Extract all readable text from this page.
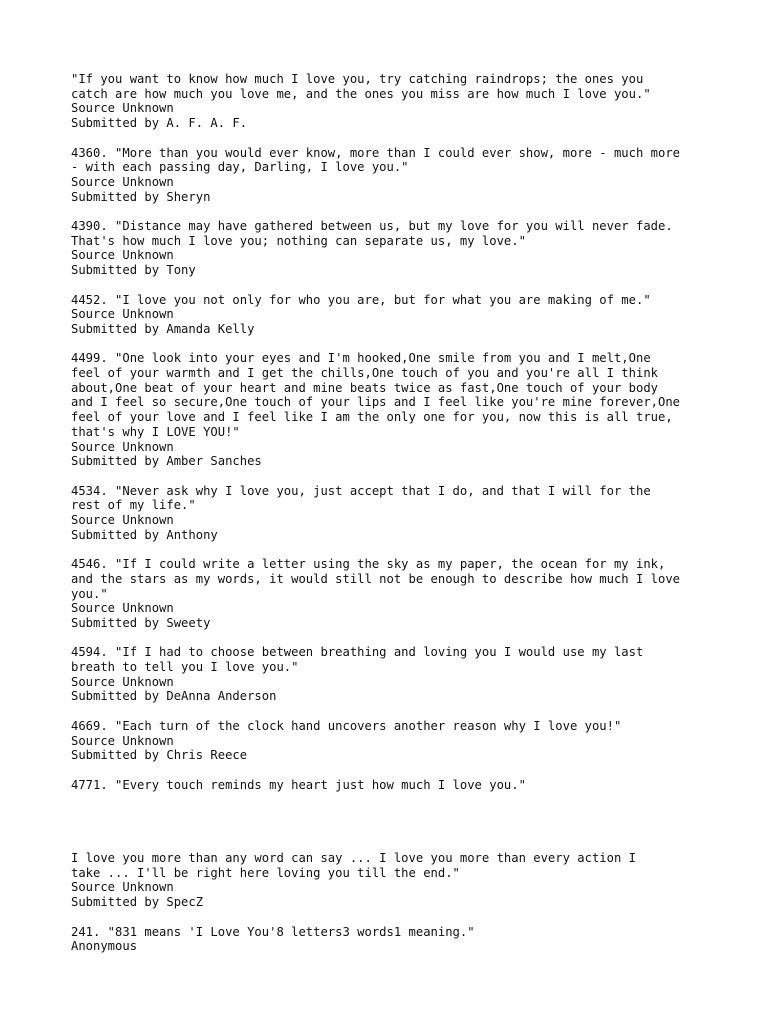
"If you want to know how much I love you, try catching raindrops; the ones you
catch are how much you love me, and the ones you miss are how much I love you."

Source Unknown

Submitted by A. F. A. F.

4360. "More than you would ever know, more than I could ever show, more - much more
- with each passing day, Darling, I love you."

Source Unknown

Submitted by Sheryn

4390. "Distance may have gathered between us, but my love for you will never fade.
That's how much I love you; nothing can separate us, my love."

Source Unknown

Submitted by Tony

4452. "I love you not only for who you are, but for what you are making of me."

Source Unknown

Submitted by Amanda Kelly

4499. "One look into your eyes and I'm hooked,One smile from you and I melt,One
feel of your warmth and I get the chills,One touch of you and you're all I think
about,One beat of your heart and mine beats twice as fast,One touch of your body
and I feel so secure,One touch of your lips and I feel like you're mine forever,One
feel of your love and I feel like I am the only one for you, now this is all true,
that's why I LOVE YOU!"

Source Unknown

Submitted by Amber Sanches

4534. "Never ask why I love you, just accept that I do, and that I will for the
rest of my life."

Source Unknown

Submitted by Anthony

4546. "If I could write a letter using the sky as my paper, the ocean for my ink,
and the stars as my words, it would still not be enough to describe how much I love
you."

Source Unknown

Submitted by Sweety

4594. "If I had to choose between breathing and loving you I would use my last
breath to tell you I love you."

Source Unknown

Submitted by DeAnna Anderson

4669. "Each turn of the clock hand uncovers another reason why I love you!"

Source Unknown

Submitted by Chris Reece

4771. "Every touch reminds my heart just how much I love you."

I love you more than any word can say ... I love you more than every action I
take ... I'll be right here loving you till the end."

Source Unknown

Submitted by SpecZ

241. "831 means 'I Love You'8 letters3 words1 meaning."

Anonymous
